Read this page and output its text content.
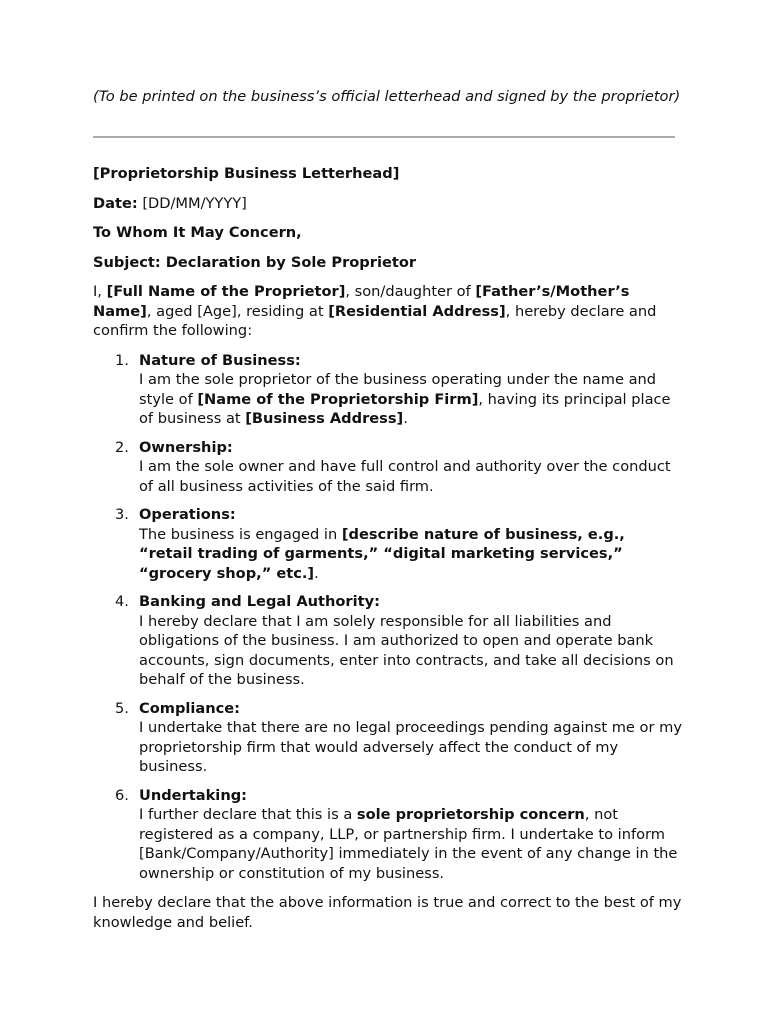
(To be printed on the business’s official letterhead and signed by the proprietor)

[Proprietorship Business Letterhead]

Date: [DD/MM/YYYY]

To Whom It May Concern,

Subject: Declaration by Sole Proprietor

I, [Full Name of the Proprietor], son/daughter of [Father’s/Mother’s Name], aged [Age], residing at [Residential Address], hereby declare and confirm the following:

1. Nature of Business:
I am the sole proprietor of the business operating under the name and style of [Name of the Proprietorship Firm], having its principal place of business at [Business Address].
2. Ownership:
I am the sole owner and have full control and authority over the conduct of all business activities of the said firm.
3. Operations:
The business is engaged in [describe nature of business, e.g., “retail trading of garments,” “digital marketing services,” “grocery shop,” etc.].
4. Banking and Legal Authority:
I hereby declare that I am solely responsible for all liabilities and obligations of the business. I am authorized to open and operate bank accounts, sign documents, enter into contracts, and take all decisions on behalf of the business.
5. Compliance:
I undertake that there are no legal proceedings pending against me or my proprietorship firm that would adversely affect the conduct of my business.
6. Undertaking:
I further declare that this is a sole proprietorship concern, not registered as a company, LLP, or partnership firm. I undertake to inform [Bank/Company/Authority] immediately in the event of any change in the ownership or constitution of my business.

I hereby declare that the above information is true and correct to the best of my knowledge and belief.
